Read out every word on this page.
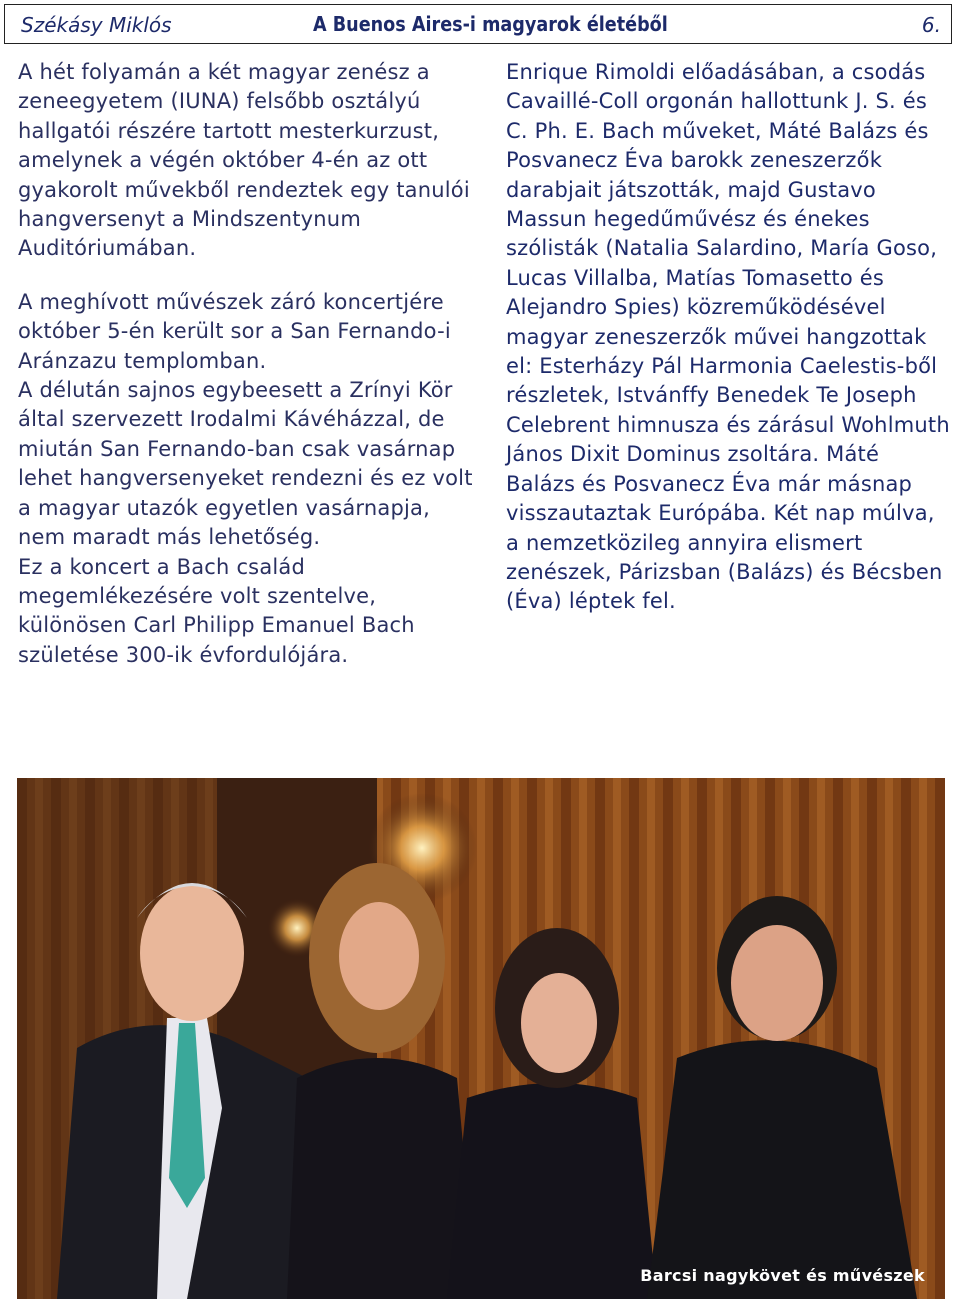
Székásy Miklós	A Buenos Aires-i magyarok életéből	6.

A hét folyamán a két magyar zenész a zeneegyetem (IUNA) felsőbb osztályú hallgatói részére tartott mesterkurzust, amelynek a végén október 4-én az ott gyakorolt művekből rendeztek egy tanulói hangversenyt a Mindszentynum Auditóriumában.

A meghívott művészek záró koncertjére október 5-én került sor a San Fernando-i Aránzazu templomban.

A délután sajnos egybeesett a Zrínyi Kör által szervezett Irodalmi Kávéházzal, de miután San Fernando-ban csak vasárnap lehet hangversenyeket rendezni és ez volt a magyar utazók egyetlen vasárnapja, nem maradt más lehetőség.

Ez a koncert a Bach család megemlékezésére volt szentelve, különösen Carl Philipp Emanuel Bach születése 300-ik évfordulójára.

Enrique Rimoldi előadásában, a csodás Cavaillé-Coll orgonán hallottunk J. S. és C. Ph. E. Bach műveket, Máté Balázs és Posvanecz Éva barokk zeneszerzők darabjait játszották, majd Gustavo Massun hegedűművész és énekes szólisták (Natalia Salardino, María Goso, Lucas Villalba, Matías Tomasetto és Alejandro Spies) közreműködésével magyar zeneszerzők művei hangzottak el: Esterházy Pál Harmonia Caelestis-ből részletek, Istvánffy Benedek Te Joseph Celebrent himnusza és zárásul Wohlmuth János Dixit Dominus zsoltára. Máté Balázs és Posvanecz Éva már másnap visszautaztak Európába. Két nap múlva, a nemzetközileg annyira elismert zenészek, Párizsban (Balázs) és Bécsben (Éva) léptek fel.

Barcsi nagykövet és művészek
